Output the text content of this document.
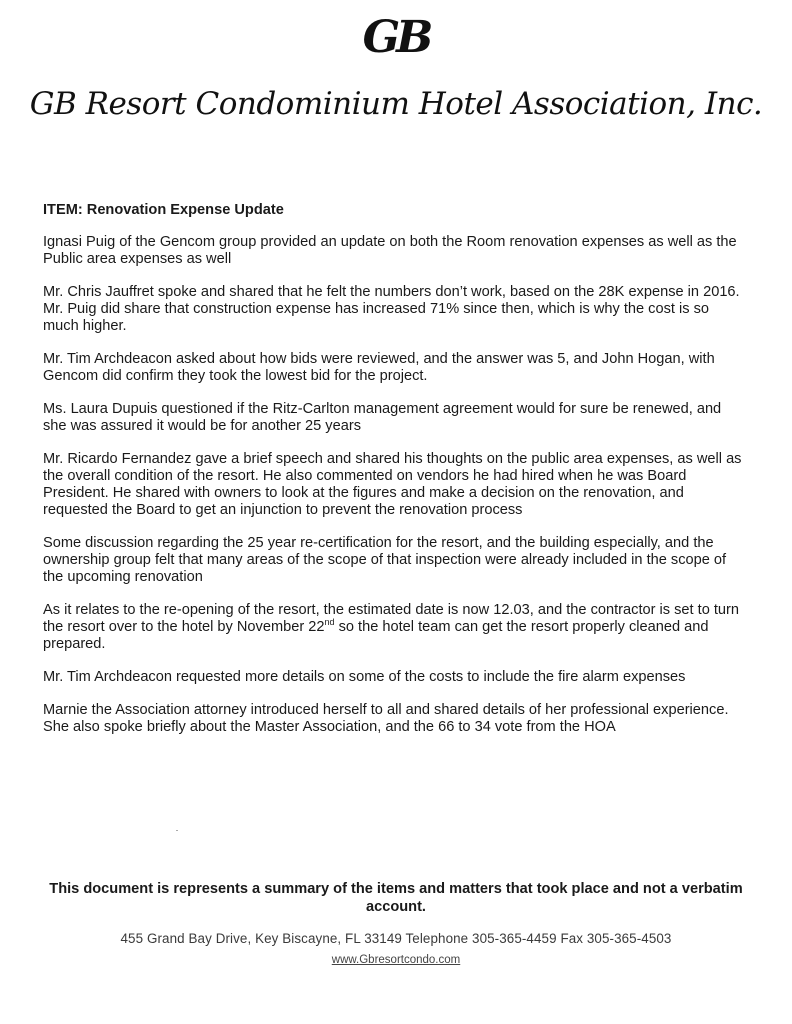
GB
GB Resort Condominium Hotel Association, Inc.

ITEM: Renovation Expense Update

Ignasi Puig of the Gencom group provided an update on both the Room renovation expenses as well as the Public area expenses as well

Mr. Chris Jauffret spoke and shared that he felt the numbers don’t work, based on the 28K expense in 2016. Mr. Puig did share that construction expense has increased 71% since then, which is why the cost is so much higher.

Mr. Tim Archdeacon asked about how bids were reviewed, and the answer was 5, and John Hogan, with Gencom did confirm they took the lowest bid for the project.

Ms. Laura Dupuis questioned if the Ritz-Carlton management agreement would for sure be renewed, and she was assured it would be for another 25 years

Mr. Ricardo Fernandez gave a brief speech and shared his thoughts on the public area expenses, as well as the overall condition of the resort. He also commented on vendors he had hired when he was Board President. He shared with owners to look at the figures and make a decision on the renovation, and requested the Board to get an injunction to prevent the renovation process

Some discussion regarding the 25 year re-certification for the resort, and the building especially, and the ownership group felt that many areas of the scope of that inspection were already included in the scope of the upcoming renovation

As it relates to the re-opening of the resort, the estimated date is now 12.03, and the contractor is set to turn the resort over to the hotel by November 22nd so the hotel team can get the resort properly cleaned and prepared.

Mr. Tim Archdeacon requested more details on some of the costs to include the fire alarm expenses

Marnie the Association attorney introduced herself to all and shared details of her professional experience. She also spoke briefly about the Master Association, and the 66 to 34 vote from the HOA

This document is represents a summary of the items and matters that took place and not a verbatim account.
455 Grand Bay Drive, Key Biscayne, FL 33149 Telephone 305-365-4459 Fax 305-365-4503
www.Gbresortcondo.com
